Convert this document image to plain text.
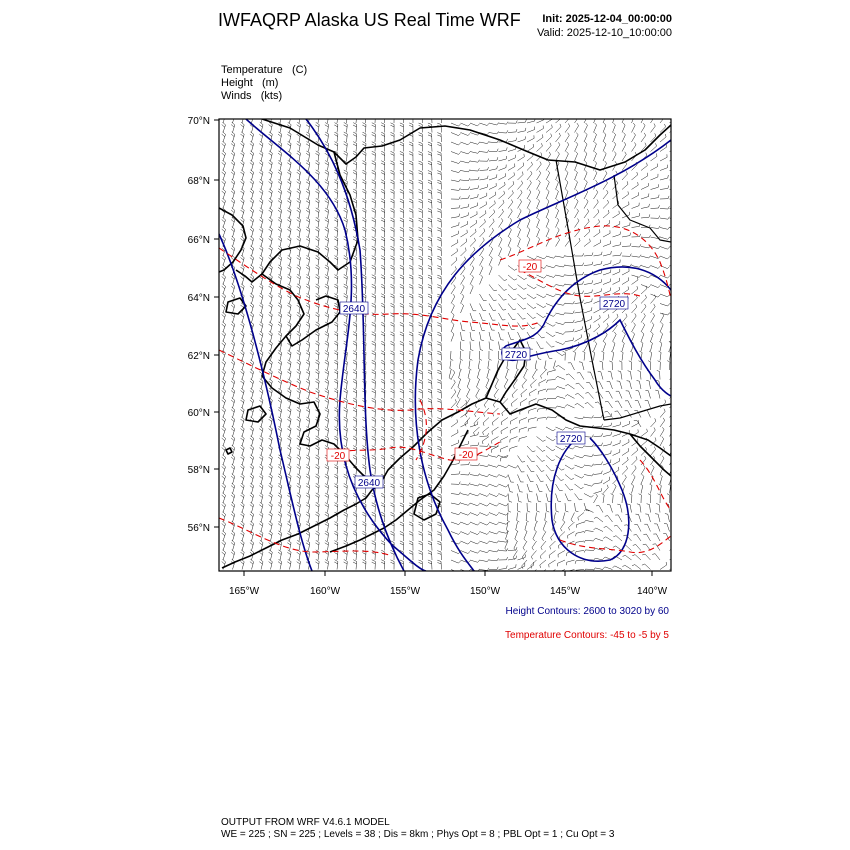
IWFAQRP Alaska US Real Time WRF Init: 2025-12-04_00:00:00
Valid: 2025-12-10_10:00:00
Temperature (C)
Height (m)
Winds (kts)
2640	2720
2720
2640
2720
-20
-20	-20
70°N
68°N
66°N
64°N
62°N
60°N
58°N
56°N
165°W	160°W	155°W	150°W	145°W	140°W
Height Contours: 2600 to 3020 by 60
Temperature Contours: -45 to -5 by 5
OUTPUT FROM WRF V4.6.1 MODEL
WE = 225 ; SN = 225 ; Levels = 38 ; Dis = 8km ; Phys Opt = 8 ; PBL Opt = 1 ; Cu Opt = 3
